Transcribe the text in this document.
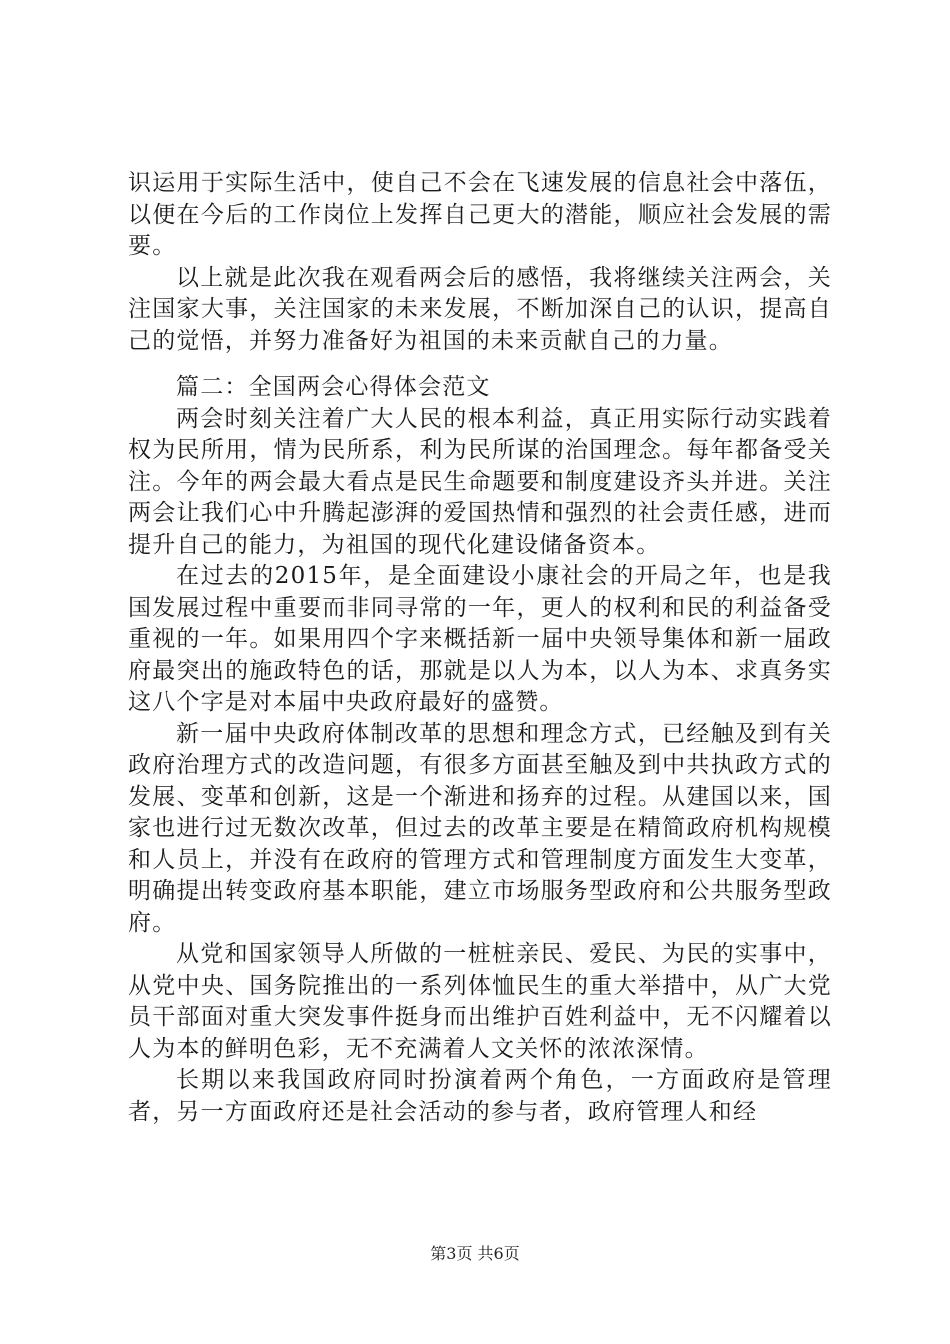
识运用于实际生活中，使自己不会在飞速发展的信息社会中落伍，以便在今后的工作岗位上发挥自己更大的潜能，顺应社会发展的需要。

以上就是此次我在观看两会后的感悟，我将继续关注两会，关注国家大事，关注国家的未来发展，不断加深自己的认识，提高自己的觉悟，并努力准备好为祖国的未来贡献自己的力量。

篇二：全国两会心得体会范文

两会时刻关注着广大人民的根本利益，真正用实际行动实践着权为民所用，情为民所系，利为民所谋的治国理念。每年都备受关注。今年的两会最大看点是民生命题要和制度建设齐头并进。关注两会让我们心中升腾起澎湃的爱国热情和强烈的社会责任感，进而提升自己的能力，为祖国的现代化建设储备资本。

在过去的2015年，是全面建设小康社会的开局之年，也是我国发展过程中重要而非同寻常的一年，更人的权利和民的利益备受重视的一年。如果用四个字来概括新一届中央领导集体和新一届政府最突出的施政特色的话，那就是以人为本，以人为本、求真务实这八个字是对本届中央政府最好的盛赞。

新一届中央政府体制改革的思想和理念方式，已经触及到有关政府治理方式的改造问题，有很多方面甚至触及到中共执政方式的发展、变革和创新，这是一个渐进和扬弃的过程。从建国以来，国家也进行过无数次改革，但过去的改革主要是在精简政府机构规模和人员上，并没有在政府的管理方式和管理制度方面发生大变革，明确提出转变政府基本职能，建立市场服务型政府和公共服务型政府。

从党和国家领导人所做的一桩桩亲民、爱民、为民的实事中，从党中央、国务院推出的一系列体恤民生的重大举措中，从广大党员干部面对重大突发事件挺身而出维护百姓利益中，无不闪耀着以人为本的鲜明色彩，无不充满着人文关怀的浓浓深情。

长期以来我国政府同时扮演着两个角色，一方面政府是管理者，另一方面政府还是社会活动的参与者，政府管理人和经

第3页 共6页
